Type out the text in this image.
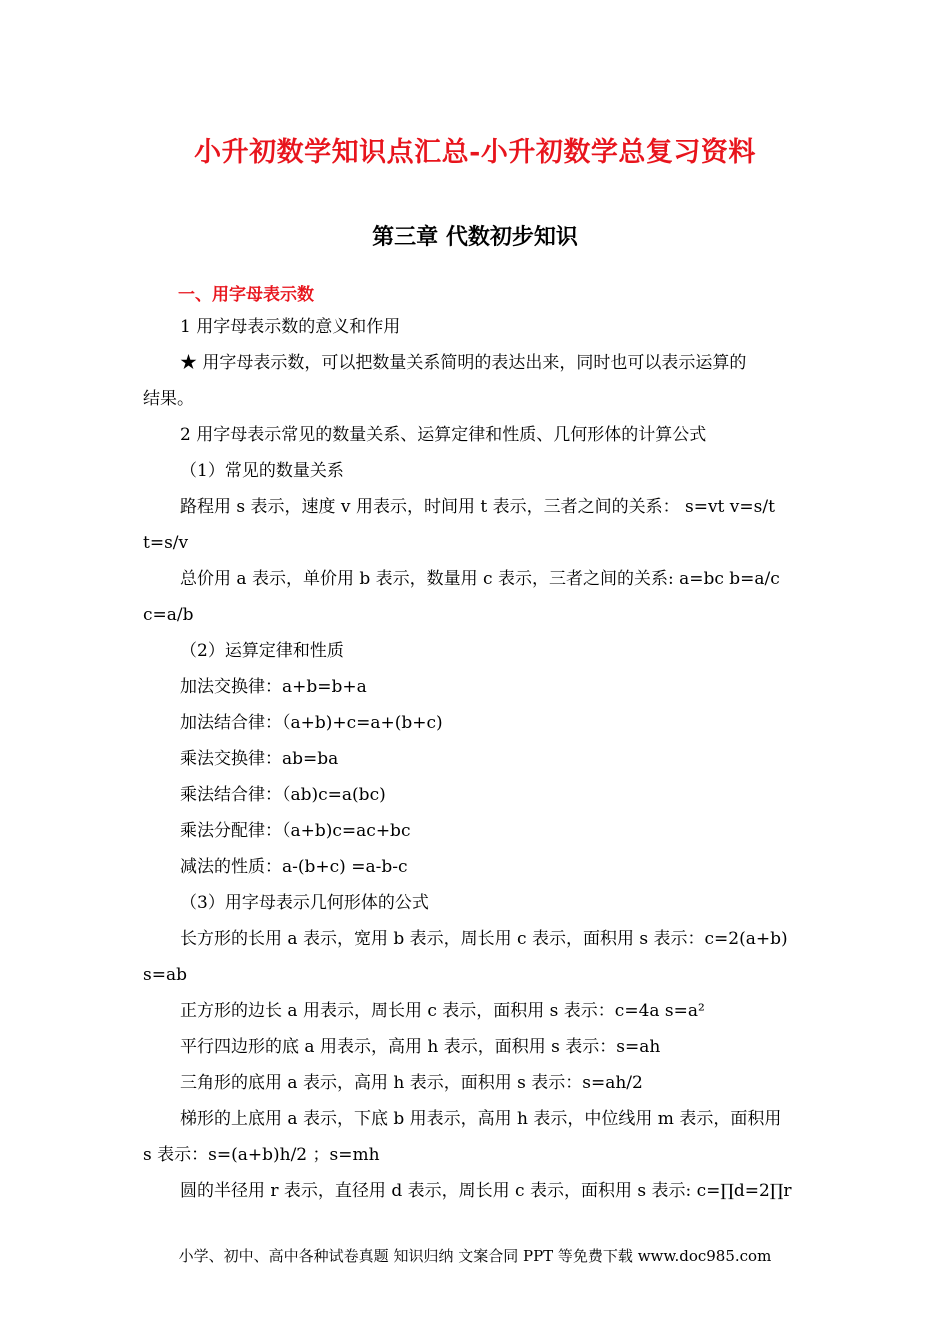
小升初数学知识点汇总-小升初数学总复习资料
第三章 代数初步知识
一、用字母表示数
1 用字母表示数的意义和作用
★ 用字母表示数，可以把数量关系简明的表达出来，同时也可以表示运算的
结果。
2 用字母表示常见的数量关系、运算定律和性质、几何形体的计算公式
（1）常见的数量关系
路程用 s 表示，速度 v 用表示，时间用 t 表示，三者之间的关系： s=vt v=s/t
t=s/v
总价用 a 表示，单价用 b 表示，数量用 c 表示，三者之间的关系: a=bc b=a/c
c=a/b
（2）运算定律和性质
加法交换律：a+b=b+a
加法结合律：（a+b)+c=a+(b+c)
乘法交换律：ab=ba
乘法结合律：（ab)c=a(bc)
乘法分配律：（a+b)c=ac+bc
减法的性质：a-(b+c) =a-b-c
（3）用字母表示几何形体的公式
长方形的长用 a 表示，宽用 b 表示，周长用 c 表示，面积用 s 表示：c=2(a+b)
s=ab
正方形的边长 a 用表示，周长用 c 表示，面积用 s 表示：c=4a s=a²
平行四边形的底 a 用表示，高用 h 表示，面积用 s 表示：s=ah
三角形的底用 a 表示，高用 h 表示，面积用 s 表示：s=ah/2
梯形的上底用 a 表示，下底 b 用表示，高用 h 表示，中位线用 m 表示，面积用
s 表示：s=(a+b)h/2 ；s=mh
圆的半径用 r 表示，直径用 d 表示，周长用 c 表示，面积用 s 表示: c=∏d=2∏r
小学、初中、高中各种试卷真题 知识归纳 文案合同 PPT 等免费下载 www.doc985.com
